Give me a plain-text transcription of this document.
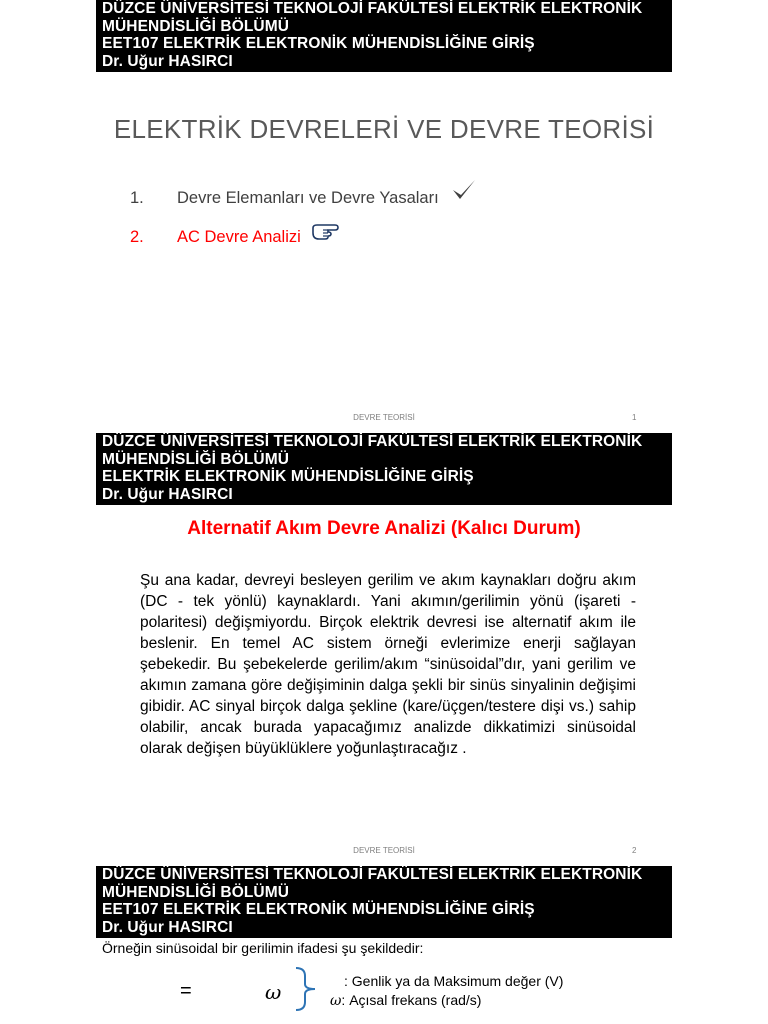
DÜZCE ÜNİVERSİTESİ TEKNOLOJİ FAKÜLTESİ ELEKTRİK ELEKTRONİK
MÜHENDİSLİĞİ BÖLÜMÜ
EET107 ELEKTRİK ELEKTRONİK MÜHENDİSLİĞİNE GİRİŞ
Dr. Uğur HASIRCI
ELEKTRİK DEVRELERİ VE DEVRE TEORİSİ
1. Devre Elemanları ve Devre Yasaları
2. AC Devre Analizi
DEVRE TEORİSİ	1
DÜZCE ÜNİVERSİTESİ TEKNOLOJİ FAKÜLTESİ ELEKTRİK ELEKTRONİK
MÜHENDİSLİĞİ BÖLÜMÜ
ELEKTRİK ELEKTRONİK MÜHENDİSLİĞİNE GİRİŞ
Dr. Uğur HASIRCI
Alternatif Akım Devre Analizi (Kalıcı Durum)
Şu ana kadar, devreyi besleyen gerilim ve akım kaynakları doğru akım (DC - tek yönlü) kaynaklardı. Yani akımın/gerilimin yönü (işareti - polaritesi) değişmiyordu. Birçok elektrik devresi ise alternatif akım ile beslenir. En temel AC sistem örneği evlerimize enerji sağlayan şebekedir. Bu şebekelerde gerilim/akım “sinüsoidal”dır, yani gerilim ve akımın zamana göre değişiminin dalga şekli bir sinüs sinyalinin değişimi gibidir. AC sinyal birçok dalga şekline (kare/üçgen/testere dişi vs.) sahip olabilir, ancak burada yapacağımız analizde dikkatimizi sinüsoidal olarak değişen büyüklüklere yoğunlaştıracağız .
DEVRE TEORİSİ	2
DÜZCE ÜNİVERSİTESİ TEKNOLOJİ FAKÜLTESİ ELEKTRİK ELEKTRONİK
MÜHENDİSLİĞİ BÖLÜMÜ
EET107 ELEKTRİK ELEKTRONİK MÜHENDİSLİĞİNE GİRİŞ
Dr. Uğur HASIRCI
Örneğin sinüsoidal bir gerilimin ifadesi şu şekildedir:
=	ω	: Genlik ya da Maksimum değer (V)
ω: Açısal frekans (rad/s)
